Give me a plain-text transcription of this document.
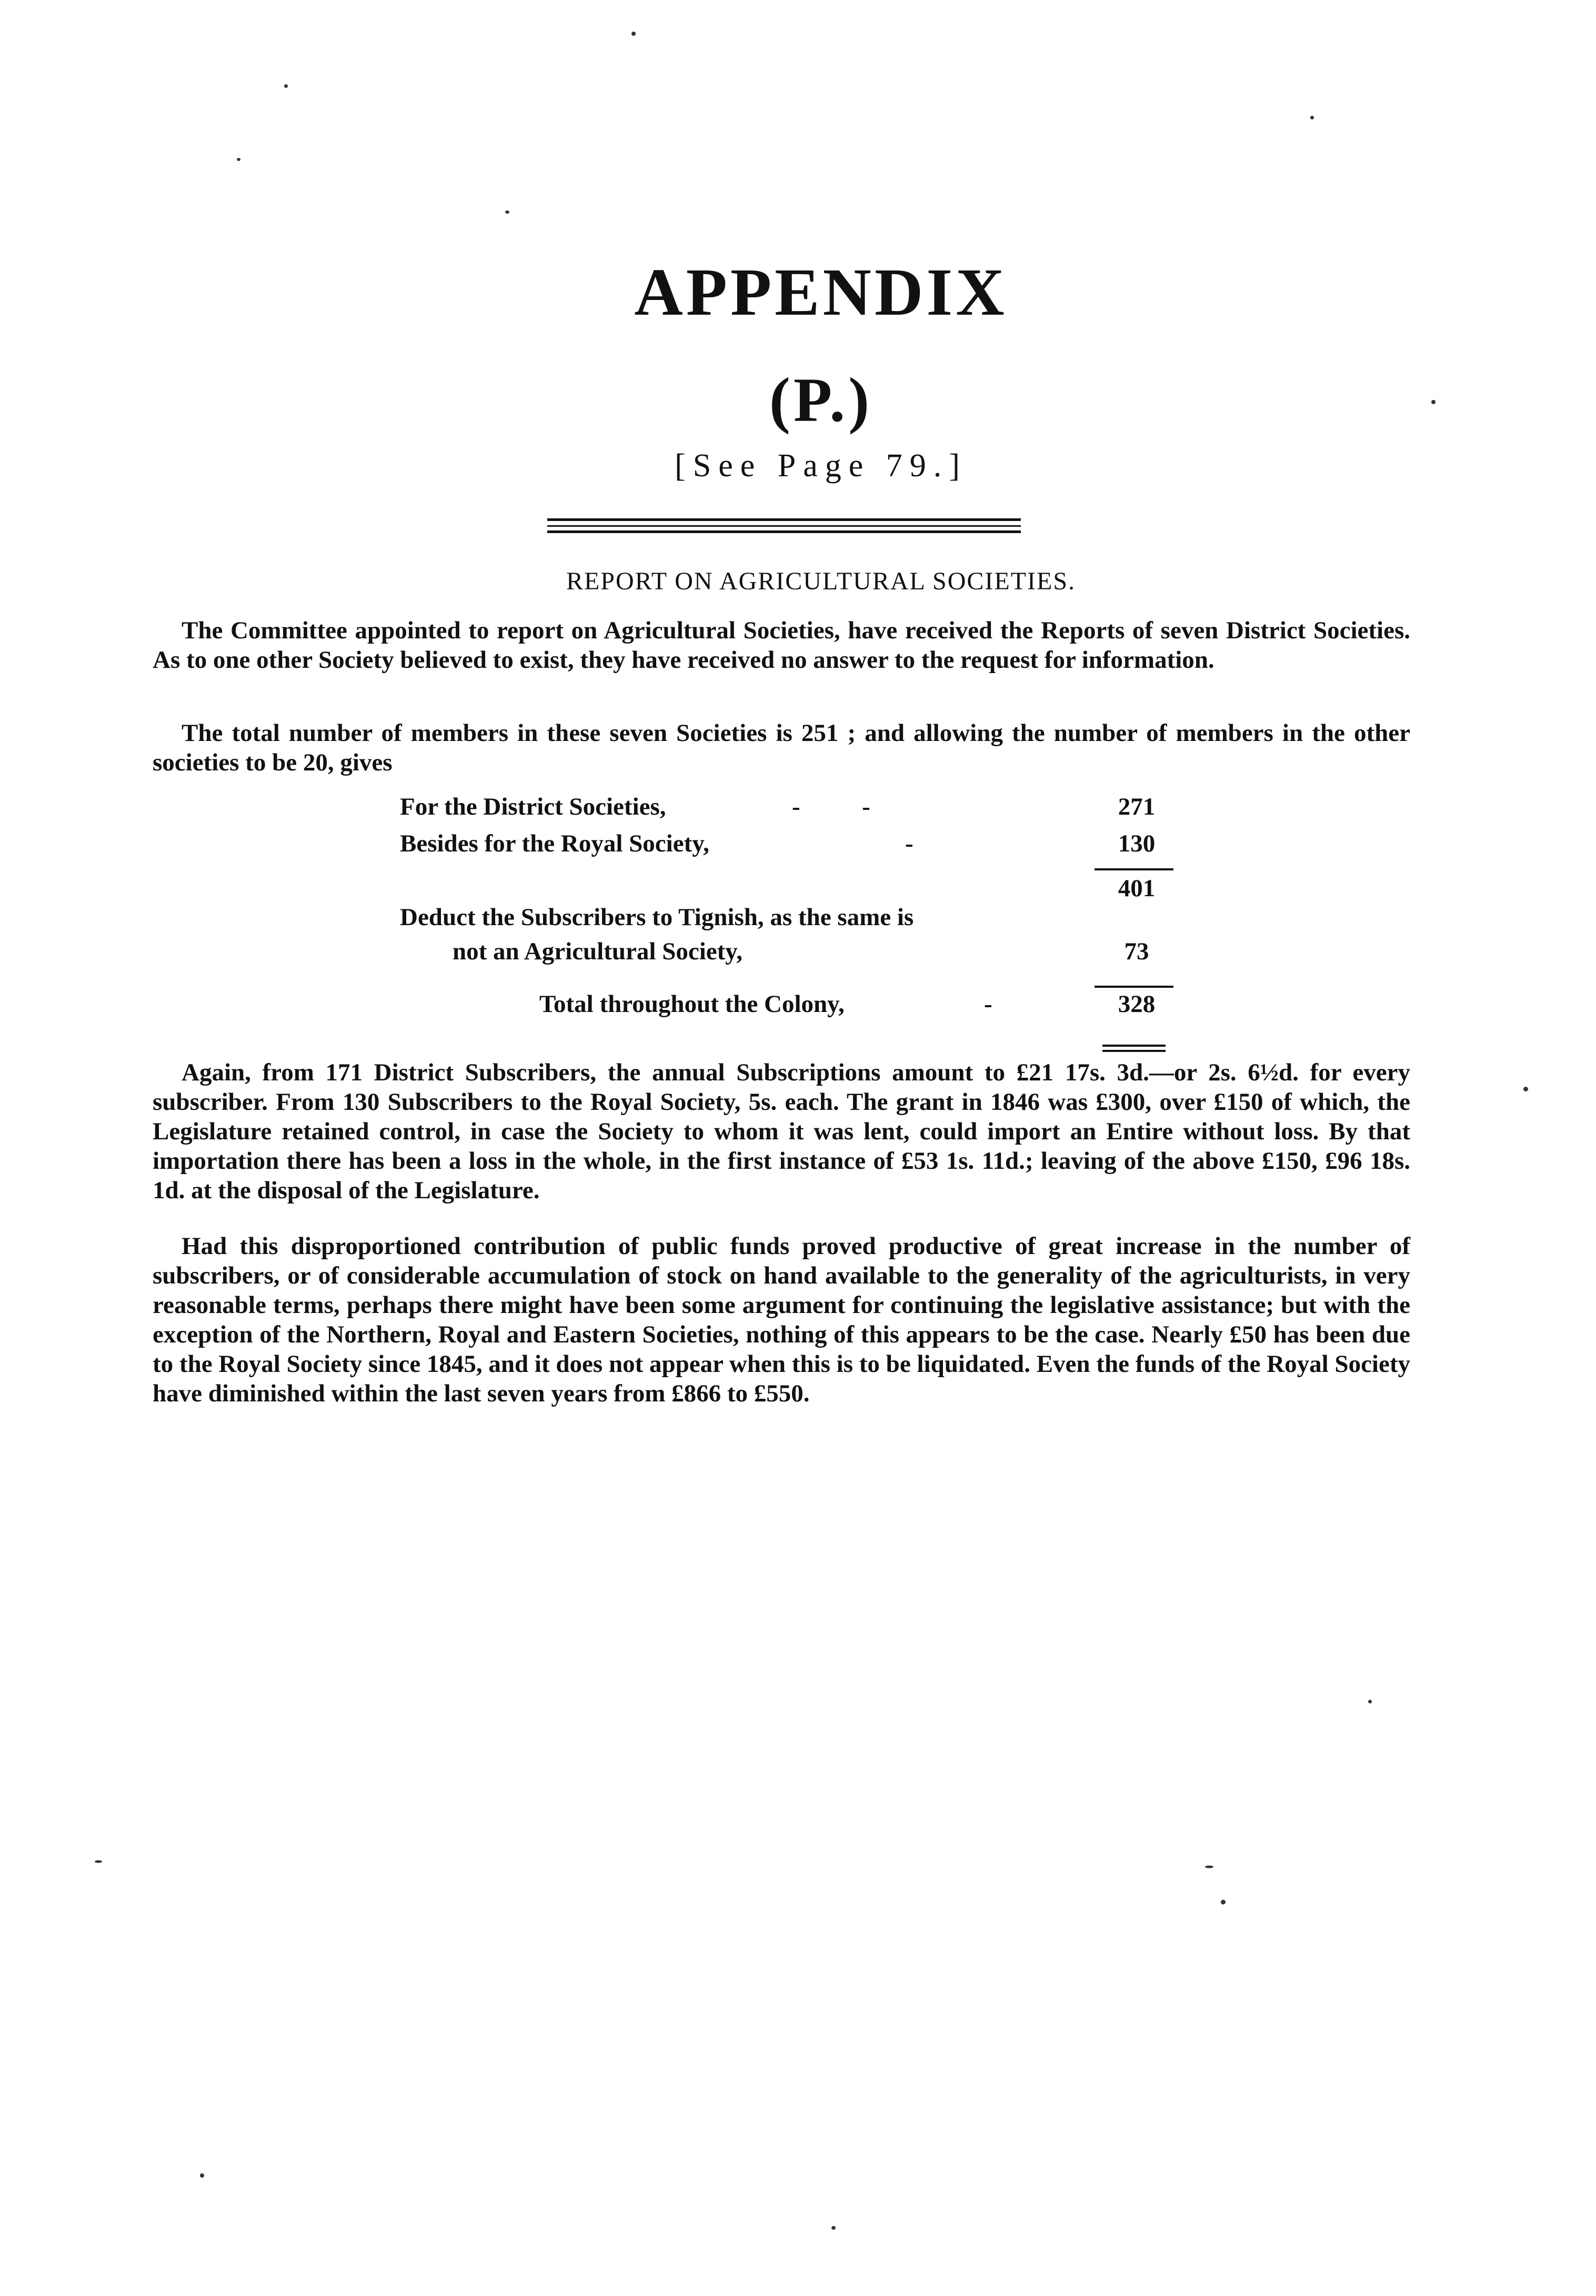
APPENDIX
(P.)
[See Page 79.]
REPORT ON AGRICULTURAL SOCIETIES.
The Committee appointed to report on Agricultural Societies, have received the Reports of seven District Societies. As to one other Society believed to exist, they have received no answer to the request for information.
The total number of members in these seven Societies is 251 ; and allowing the number of members in the other societies to be 20, gives
For the District Societies,	-          -	271
Besides for the Royal Society,	-	130
401
Deduct the Subscribers to Tignish, as the same is
not an Agricultural Society,	73
Total throughout the Colony,	-	328
Again, from 171 District Subscribers, the annual Subscriptions amount to £21 17s. 3d.—or 2s. 6½d. for every subscriber. From 130 Subscribers to the Royal Society, 5s. each. The grant in 1846 was £300, over £150 of which, the Legislature retained control, in case the Society to whom it was lent, could import an Entire without loss. By that importation there has been a loss in the whole, in the first instance of £53 1s. 11d.; leaving of the above £150, £96 18s. 1d. at the disposal of the Legislature.
Had this disproportioned contribution of public funds proved productive of great increase in the number of subscribers, or of considerable accumulation of stock on hand available to the generality of the agriculturists, in very reasonable terms, perhaps there might have been some argument for continuing the legislative assistance; but with the exception of the Northern, Royal and Eastern Societies, nothing of this appears to be the case. Nearly £50 has been due to the Royal Society since 1845, and it does not appear when this is to be liquidated. Even the funds of the Royal Society have diminished within the last seven years from £866 to £550.
